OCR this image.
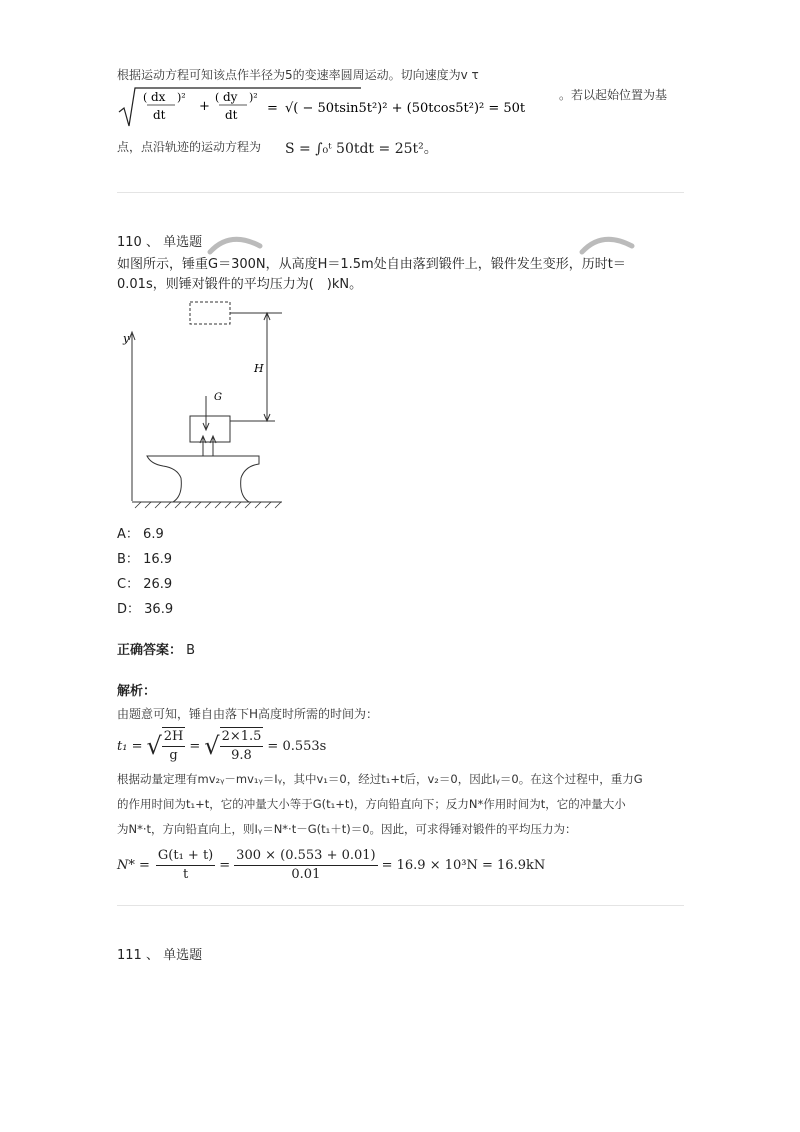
根据运动方程可知该点作半径为5的变速率圆周运动。切向速度为v τ
( dx
dt
)²
+
( dy
dt
)²
= √( − 50tsin5t²)² + (50tcos5t²)² = 50t
。若以起始位置为基
点，点沿轨迹的运动方程为 S = ∫₀ᵗ 50tdt = 25t²。
110 、 单选题
如图所示，锤重G＝300N，从高度H＝1.5m处自由落到锻件上，锻件发生变形，历时t＝
0.01s，则锤对锻件的平均压力为(　)kN。
y
H
G
A： 6.9
B： 16.9
C： 26.9
D： 36.9
正确答案： B
解析：
由题意可知，锤自由落下H高度时所需的时间为：
t₁ = √ $\frac{2H}{g}$ = √ $\frac{2\times 1.5}{9.8} = 0.553s$
根据动量定理有mv₂ᵧ－mv₁ᵧ＝Iᵧ，其中v₁＝0，经过t₁+t后，v₂＝0，因此Iᵧ＝0。在这个过程中，重力G
的作用时间为t₁+t，它的冲量大小等于G(t₁+t)，方向铅直向下；反力N*作用时间为t，它的冲量大小
为N*·t，方向铅直向上，则Iᵧ＝N*·t－G(t₁＋t)＝0。因此，可求得锤对锻件的平均压力为：
$N* = \frac{\text{G(t₁ + t)}}{t} = \frac{300 \times (0.553 + 0.01)}{0.01} = 16.9 \times 10^3N = 16.9kN$
111 、 单选题
